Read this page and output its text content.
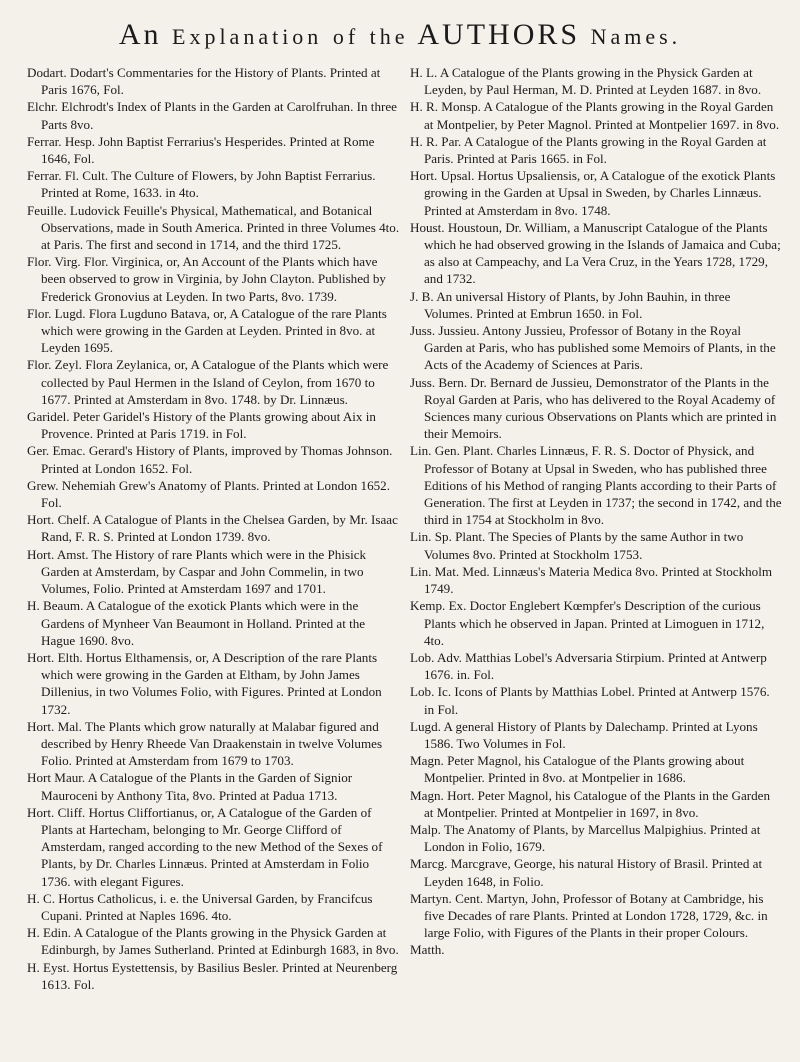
An Explanation of the AUTHORS Names.
Dodart. Dodart's Commentaries for the History of Plants. Printed at Paris 1676, Fol.
Elchr. Elchrodt's Index of Plants in the Garden at Carolfruhan. In three Parts 8vo.
Ferrar. Hesp. John Baptist Ferrarius's Hesperides. Printed at Rome 1646, Fol.
Ferrar. Fl. Cult. The Culture of Flowers, by John Baptist Ferrarius. Printed at Rome, 1633. in 4to.
Feuille. Ludovick Feuille's Physical, Mathematical, and Botanical Observations, made in South America. Printed in three Volumes 4to. at Paris. The first and second in 1714, and the third 1725.
Flor. Virg. Flor. Virginica, or, An Account of the Plants which have been observed to grow in Virginia, by John Clayton. Published by Frederick Gronovius at Leyden. In two Parts, 8vo. 1739.
Flor. Lugd. Flora Lugduno Batava, or, A Catalogue of the rare Plants which were growing in the Garden at Leyden. Printed in 8vo. at Leyden 1695.
Flor. Zeyl. Flora Zeylanica, or, A Catalogue of the Plants which were collected by Paul Hermen in the Island of Ceylon, from 1670 to 1677. Printed at Amsterdam in 8vo. 1748. by Dr. Linnæus.
Garidel. Peter Garidel's History of the Plants growing about Aix in Provence. Printed at Paris 1719. in Fol.
Ger. Emac. Gerard's History of Plants, improved by Thomas Johnson. Printed at London 1652. Fol.
Grew. Nehemiah Grew's Anatomy of Plants. Printed at London 1652. Fol.
Hort. Chelf. A Catalogue of Plants in the Chelsea Garden, by Mr. Isaac Rand, F. R. S. Printed at London 1739. 8vo.
Hort. Amst. The History of rare Plants which were in the Phisick Garden at Amsterdam, by Caspar and John Commelin, in two Volumes, Folio. Printed at Amsterdam 1697 and 1701.
H. Beaum. A Catalogue of the exotick Plants which were in the Gardens of Mynheer Van Beaumont in Holland. Printed at the Hague 1690. 8vo.
Hort. Elth. Hortus Elthamensis, or, A Description of the rare Plants which were growing in the Garden at Eltham, by John James Dillenius, in two Volumes Folio, with Figures. Printed at London 1732.
Hort. Mal. The Plants which grow naturally at Malabar figured and described by Henry Rheede Van Draakenstain in twelve Volumes Folio. Printed at Amsterdam from 1679 to 1703.
Hort Maur. A Catalogue of the Plants in the Garden of Signior Mauroceni by Anthony Tita, 8vo. Printed at Padua 1713.
Hort. Cliff. Hortus Cliffortianus, or, A Catalogue of the Garden of Plants at Hartecham, belonging to Mr. George Clifford of Amsterdam, ranged according to the new Method of the Sexes of Plants, by Dr. Charles Linnæus. Printed at Amsterdam in Folio 1736. with elegant Figures.
H. C. Hortus Catholicus, i. e. the Universal Garden, by Francifcus Cupani. Printed at Naples 1696. 4to.
H. Edin. A Catalogue of the Plants growing in the Physick Garden at Edinburgh, by James Sutherland. Printed at Edinburgh 1683, in 8vo.
H. Eyst. Hortus Eystettensis, by Basilius Besler. Printed at Neurenberg 1613. Fol.
H. L. A Catalogue of the Plants growing in the Physick Garden at Leyden, by Paul Herman, M. D. Printed at Leyden 1687. in 8vo.
H. R. Monsp. A Catalogue of the Plants growing in the Royal Garden at Montpelier, by Peter Magnol. Printed at Montpelier 1697. in 8vo.
H. R. Par. A Catalogue of the Plants growing in the Royal Garden at Paris. Printed at Paris 1665. in Fol.
Hort. Upsal. Hortus Upsaliensis, or, A Catalogue of the exotick Plants growing in the Garden at Upsal in Sweden, by Charles Linnæus. Printed at Amsterdam in 8vo. 1748.
Houst. Houstoun, Dr. William, a Manuscript Catalogue of the Plants which he had observed growing in the Islands of Jamaica and Cuba; as also at Campeachy, and La Vera Cruz, in the Years 1728, 1729, and 1732.
J. B. An universal History of Plants, by John Bauhin, in three Volumes. Printed at Embrun 1650. in Fol.
Juss. Jussieu. Antony Jussieu, Professor of Botany in the Royal Garden at Paris, who has published some Memoirs of Plants, in the Acts of the Academy of Sciences at Paris.
Juss. Bern. Dr. Bernard de Jussieu, Demonstrator of the Plants in the Royal Garden at Paris, who has delivered to the Royal Academy of Sciences many curious Observations on Plants which are printed in their Memoirs.
Lin. Gen. Plant. Charles Linnæus, F. R. S. Doctor of Physick, and Professor of Botany at Upsal in Sweden, who has published three Editions of his Method of ranging Plants according to their Parts of Generation. The first at Leyden in 1737; the second in 1742, and the third in 1754 at Stockholm in 8vo.
Lin. Sp. Plant. The Species of Plants by the same Author in two Volumes 8vo. Printed at Stockholm 1753.
Lin. Mat. Med. Linnæus's Materia Medica 8vo. Printed at Stockholm 1749.
Kemp. Ex. Doctor Englebert Kœmpfer's Description of the curious Plants which he observed in Japan. Printed at Limoguen in 1712, 4to.
Lob. Adv. Matthias Lobel's Adversaria Stirpium. Printed at Antwerp 1676. in. Fol.
Lob. Ic. Icons of Plants by Matthias Lobel. Printed at Antwerp 1576. in Fol.
Lugd. A general History of Plants by Dalechamp. Printed at Lyons 1586. Two Volumes in Fol.
Magn. Peter Magnol, his Catalogue of the Plants growing about Montpelier. Printed in 8vo. at Montpelier in 1686.
Magn. Hort. Peter Magnol, his Catalogue of the Plants in the Garden at Montpelier. Printed at Montpelier in 1697, in 8vo.
Malp. The Anatomy of Plants, by Marcellus Malpighius. Printed at London in Folio, 1679.
Marcg. Marcgrave, George, his natural History of Brasil. Printed at Leyden 1648, in Folio.
Martyn. Cent. Martyn, John, Professor of Botany at Cambridge, his five Decades of rare Plants. Printed at London 1728, 1729, &c. in large Folio, with Figures of the Plants in their proper Colours.
Matth.
